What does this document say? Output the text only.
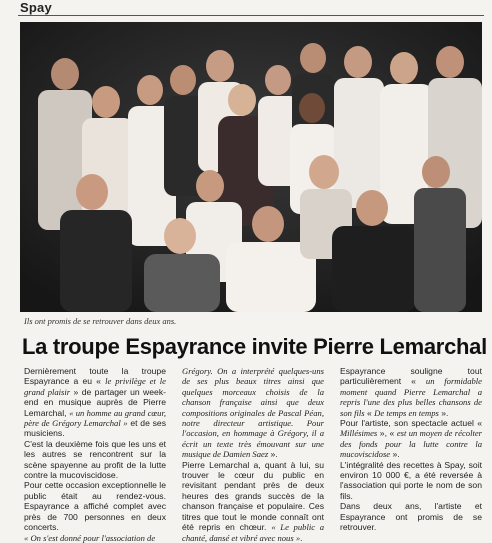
Spay
Ils ont promis de se retrouver dans deux ans.
La troupe Espayrance invite Pierre Lemarchal
Dernièrement toute la troupe Espayrance a eu « le privilège et le grand plaisir » de partager un week-end en musique auprès de Pierre Lemarchal, « un homme au grand cœur, père de Grégory Lemarchal » et de ses musiciens.
C'est la deuxième fois que les uns et les autres se rencontrent sur la scène spayenne au profit de la lutte contre la mucoviscidose.
Pour cette occasion exceptionnelle le public était au rendez-vous. Espayrance a affiché complet avec près de 700 personnes en deux concerts.
« On s'est donné pour l'association de
Grégory. On a interprété quelques-uns de ses plus beaux titres ainsi que quelques morceaux choisis de la chanson française ainsi que deux compositions originales de Pascal Péan, notre directeur artistique. Pour l'occasion, en hommage à Grégory, il a écrit un texte très émouvant sur une musique de Damien Saez ».
Pierre Lemarchal a, quant à lui, su trouver le cœur du public en revisitant pendant près de deux heures des grands succès de la chanson française et populaire. Ces titres que tout le monde connaît ont été repris en chœur. « Le public a chanté, dansé et vibré avec nous ».
Espayrance souligne tout particulièrement « un formidable moment quand Pierre Lemarchal a repris l'une des plus belles chansons de son fils « De temps en temps ».
Pour l'artiste, son spectacle actuel « Millésimes », « est un moyen de récolter des fonds pour la lutte contre la mucoviscidose ».
L'intégralité des recettes à Spay, soit environ 10 000 €, a été reversée à l'association qui porte le nom de son fils.
Dans deux ans, l'artiste et Espayrance ont promis de se retrouver.
